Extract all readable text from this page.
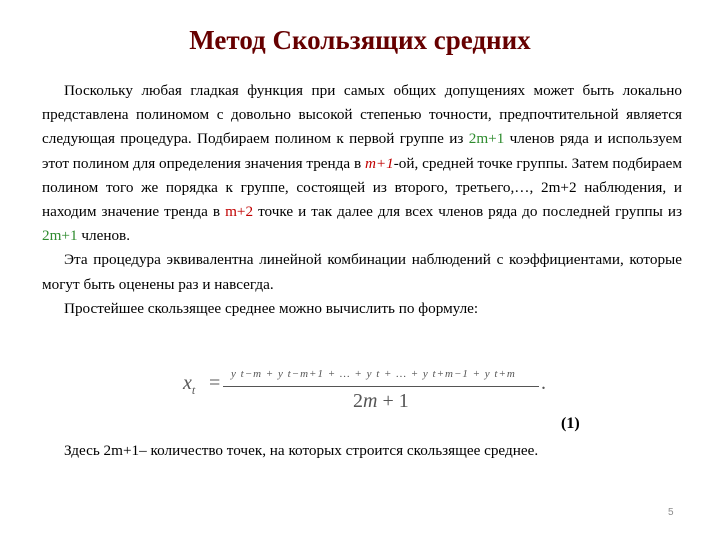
Метод Скользящих средних

Поскольку любая гладкая функция при самых общих допущениях может быть локально представлена полиномом с довольно высокой степенью точности, предпочтительной является следующая процедура. Подбираем полином к первой группе из 2m+1 членов ряда и используем этот полином для определения значения тренда в m+1-ой, средней точке группы. Затем подбираем полином того же порядка к группе, состоящей из второго, третьего,…, 2m+2 наблюдения, и находим значение тренда в m+2 точке и так далее для всех членов ряда до последней группы из 2m+1 членов.

Эта процедура эквивалентна линейной комбинации наблюдений с коэффициентами, которые могут быть оценены раз и навсегда.

Простейшее скользящее среднее можно вычислить по формуле:

$x_t = y$ t−m + y t−m+1 + … + y t + … + y t+m−1 + y t+m
2m + 1
.
(1)
Здесь 2m+1– количество точек, на которых строится скользящее среднее.
5
